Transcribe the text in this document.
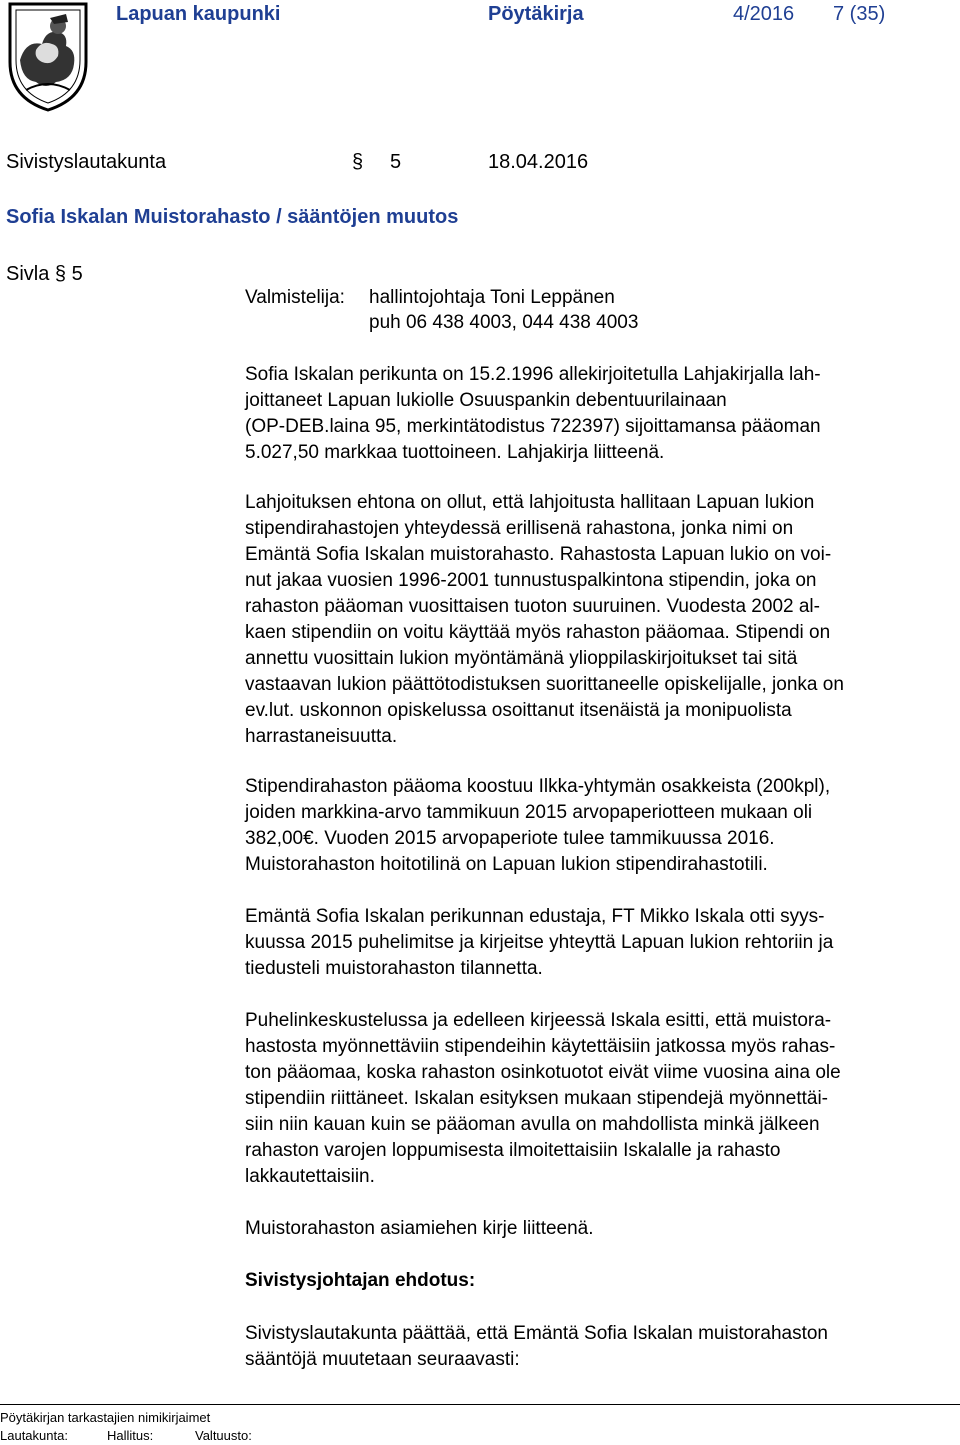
Lapuan kaupunki	Pöytäkirja	4/2016 7 (35)
Sivistyslautakunta	§ 5	18.04.2016
Sofia Iskalan Muistorahasto / sääntöjen muutos
Sivla § 5
Valmistelija: hallintojohtaja Toni Leppänen
puh 06 438 4003, 044 438 4003
Sofia Iskalan perikunta on 15.2.1996 allekirjoitetulla Lahjakirjalla lah-
joittaneet Lapuan lukiolle Osuuspankin debentuurilainaan
(OP-DEB.laina 95, merkintätodistus 722397) sijoittamansa pääoman
5.027,50 markkaa tuottoineen. Lahjakirja liitteenä.
Lahjoituksen ehtona on ollut, että lahjoitusta hallitaan Lapuan lukion
stipendirahastojen yhteydessä erillisenä rahastona, jonka nimi on
Emäntä Sofia Iskalan muistorahasto. Rahastosta Lapuan lukio on voi-
nut jakaa vuosien 1996-2001 tunnustuspalkintona stipendin, joka on
rahaston pääoman vuosittaisen tuoton suuruinen. Vuodesta 2002 al-
kaen stipendiin on voitu käyttää myös rahaston pääomaa. Stipendi on
annettu vuosittain lukion myöntämänä ylioppilaskirjoitukset tai sitä
vastaavan lukion päättötodistuksen suorittaneelle opiskelijalle, jonka on
ev.lut. uskonnon opiskelussa osoittanut itsenäistä ja monipuolista
harrastaneisuutta.
Stipendirahaston pääoma koostuu Ilkka-yhtymän osakkeista (200kpl),
joiden markkina-arvo tammikuun 2015 arvopaperiotteen mukaan oli
382,00€. Vuoden 2015 arvopaperiote tulee tammikuussa 2016.
Muistorahaston hoitotilinä on Lapuan lukion stipendirahastotili.
Emäntä Sofia Iskalan perikunnan edustaja, FT Mikko Iskala otti syys-
kuussa 2015 puhelimitse ja kirjeitse yhteyttä Lapuan lukion rehtoriin ja
tiedusteli muistorahaston tilannetta.
Puhelinkeskustelussa ja edelleen kirjeessä Iskala esitti, että muistora-
hastosta myönnettäviin stipendeihin käytettäisiin jatkossa myös rahas-
ton pääomaa, koska rahaston osinkotuotot eivät viime vuosina aina ole
stipendiin riittäneet. Iskalan esityksen mukaan stipendejä myönnettäi-
siin niin kauan kuin se pääoman avulla on mahdollista minkä jälkeen
rahaston varojen loppumisesta ilmoitettaisiin Iskalalle ja rahasto
lakkautettaisiin.
Muistorahaston asiamiehen kirje liitteenä.
Sivistysjohtajan ehdotus:
Sivistyslautakunta päättää, että Emäntä Sofia Iskalan muistorahaston
sääntöjä muutetaan seuraavasti:
Pöytäkirjan tarkastajien nimikirjaimet
Lautakunta:	Hallitus:	Valtuusto:
